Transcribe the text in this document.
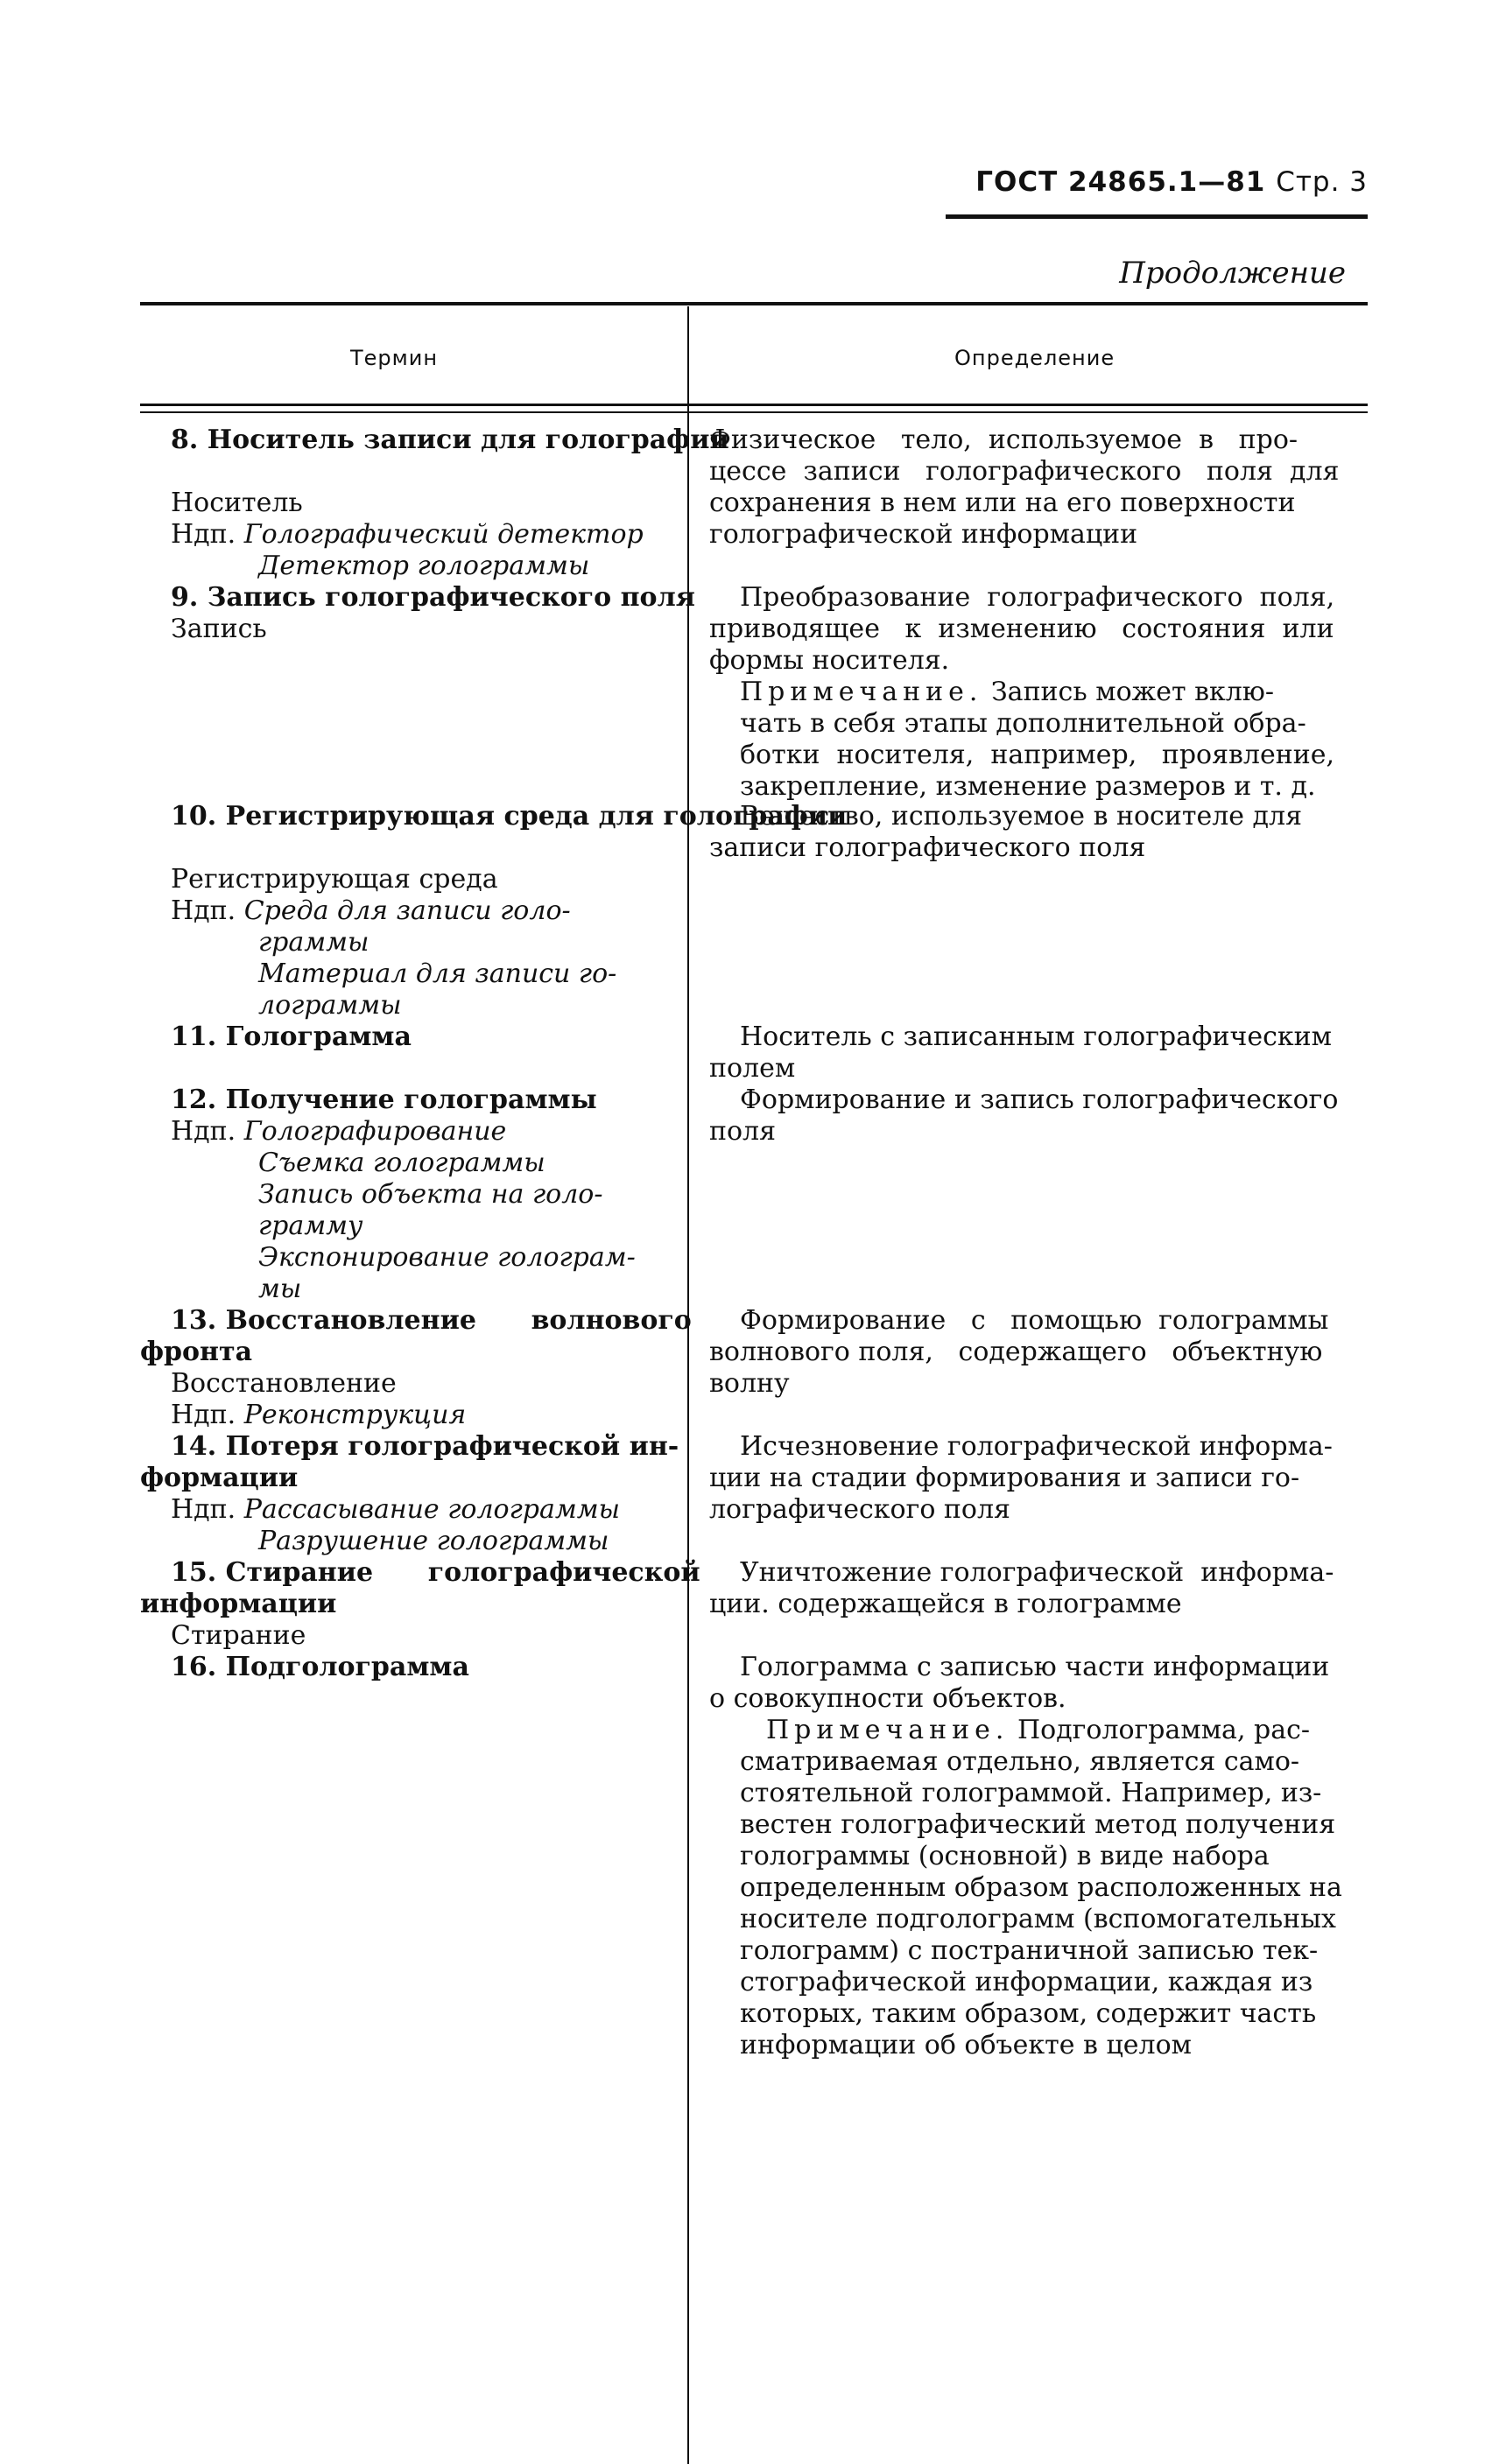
ГОСТ 24865.1—81 Стр. 3
Продолжение
Термин	Определение
8. Носитель записи для голографии
Носитель
Ндп. Голографический детектор
Детектор голограммы
9. Запись голографического поля
Запись
10. Регистрирующая среда для голографии
Регистрирующая среда
Ндп. Среда для записи голо-
граммы
Материал для записи го-
лограммы
11. Голограмма
12. Получение голограммы
Ндп. Голографирование
Съемка голограммы
Запись объекта на голо-
грамму
Экспонирование голограм-
мы
13. Восстановление      волнового
фронта
Восстановление
Ндп. Реконструкция
14. Потеря голографической ин-
формации
Ндп. Рассасывание голограммы
Разрушение голограммы
15. Стирание      голографической
информации
Стирание
16. Подголограмма
Физическое   тело,  используемое  в   про-
цессе  записи   голографического   поля  для
сохранения в нем или на его поверхности
голографической информации
Преобразование  голографического  поля,
приводящее   к  изменению   состояния  или
формы носителя.
Примечание. Запись может вклю-
чать в себя этапы дополнительной обра-
ботки  носителя,  например,   проявление,
закрепление, изменение размеров и т. д.
Вещество, используемое в носителе для
записи голографического поля
Носитель с записанным голографическим
полем
Формирование и запись голографического
поля
Формирование   с   помощью  голограммы
волнового поля,   содержащего   объектную
волну
Исчезновение голографической информа-
ции на стадии формирования и записи го-
лографического поля
Уничтожение голографической  информа-
ции. содержащейся в голограмме
Голограмма с записью части информации
о совокупности объектов.
Примечание. Подголограмма, рас-
сматриваемая отдельно, является само-
стоятельной голограммой. Например, из-
вестен голографический метод получения
голограммы (основной) в виде набора
определенным образом расположенных на
носителе подголограмм (вспомогательных
голограмм) с постраничной записью тек-
стографической информации, каждая из
которых, таким образом, содержит часть
информации об объекте в целом
